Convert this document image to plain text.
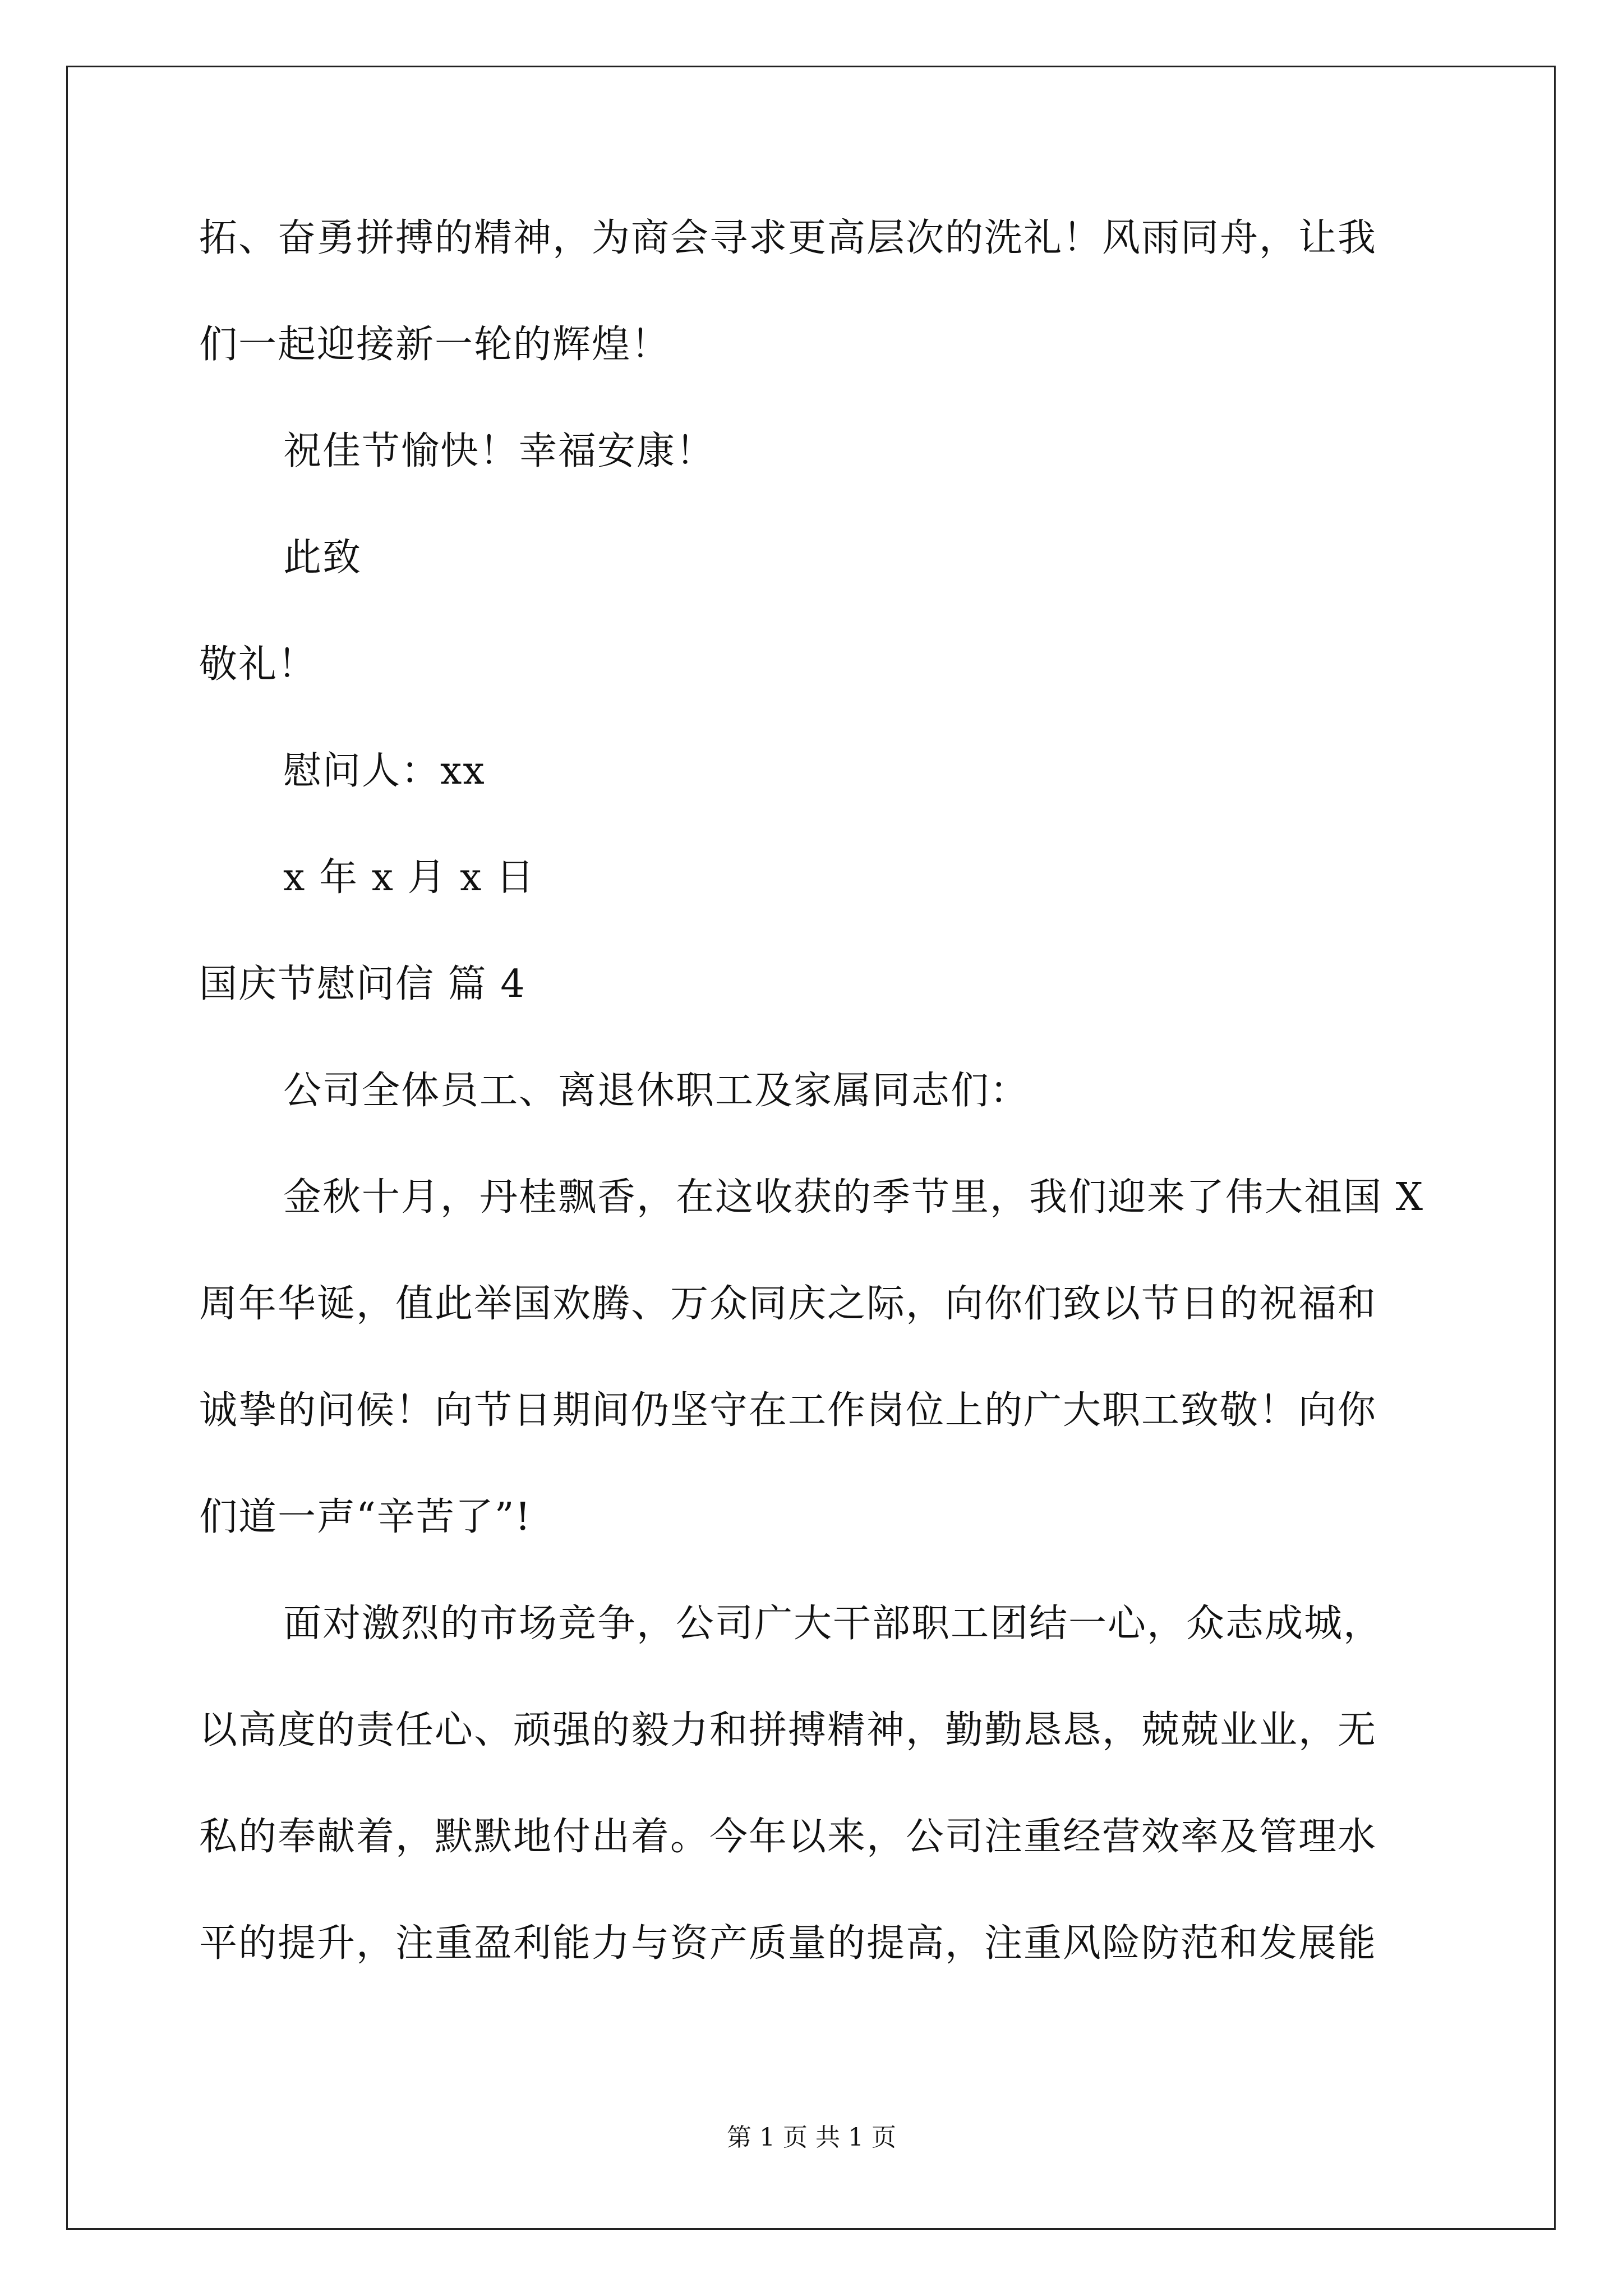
拓、奋勇拼搏的精神，为商会寻求更高层次的洗礼！风雨同舟，让我
们一起迎接新一轮的辉煌！
祝佳节愉快！幸福安康！
此致
敬礼！
慰问人：xx
x 年 x 月 x 日
国庆节慰问信 篇 4
公司全体员工、离退休职工及家属同志们：
金秋十月，丹桂飘香，在这收获的季节里，我们迎来了伟大祖国 X
周年华诞，值此举国欢腾、万众同庆之际，向你们致以节日的祝福和
诚挚的问候！向节日期间仍坚守在工作岗位上的广大职工致敬！向你
们道一声“辛苦了”!
面对激烈的市场竞争，公司广大干部职工团结一心，众志成城，
以高度的责任心、顽强的毅力和拼搏精神，勤勤恳恳，兢兢业业，无
私的奉献着，默默地付出着。今年以来，公司注重经营效率及管理水
平的提升，注重盈利能力与资产质量的提高，注重风险防范和发展能
第 1 页 共 1 页
